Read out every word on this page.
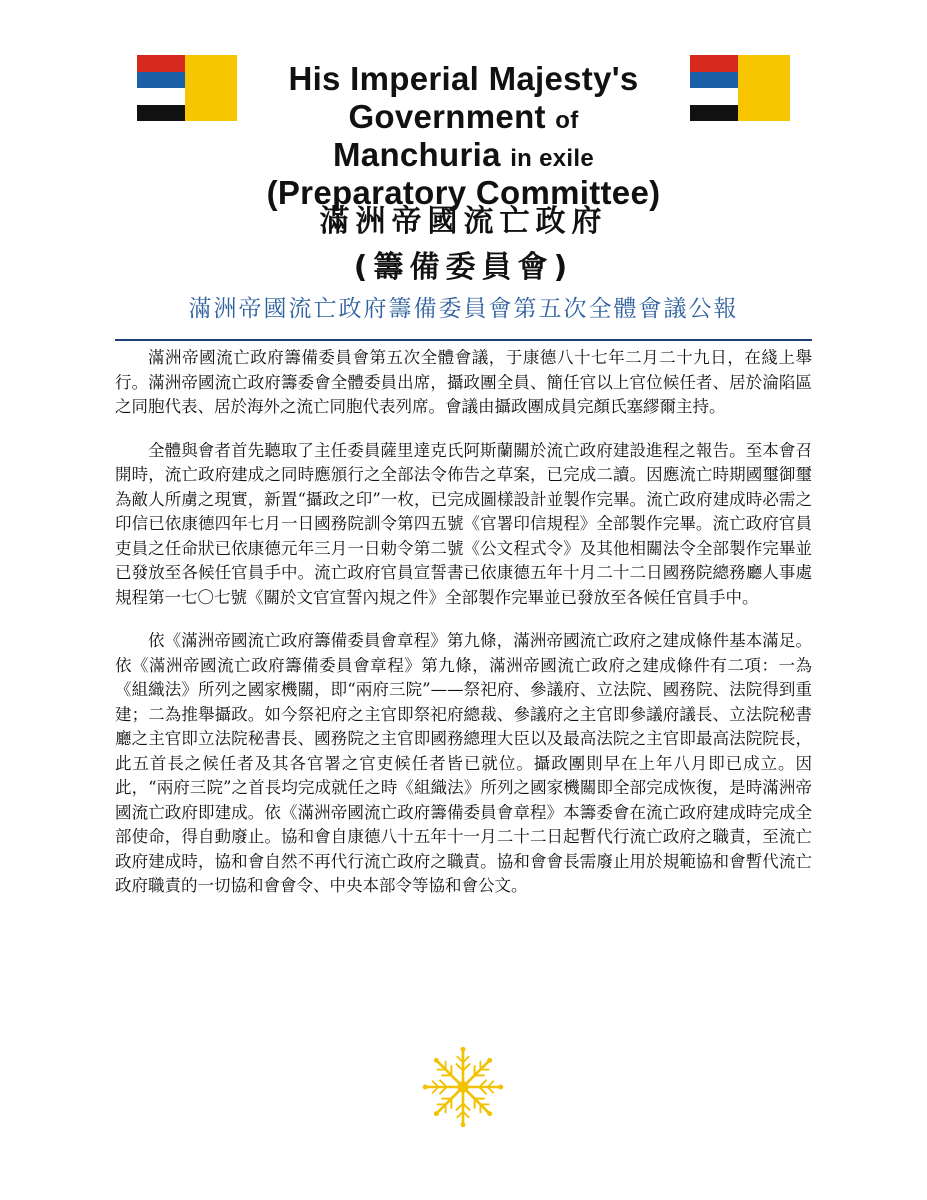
His Imperial Majesty's
Government of
Manchuria in exile
(Preparatory Committee)
滿洲帝國流亡政府
(籌備委員會)
滿洲帝國流亡政府籌備委員會第五次全體會議公報

滿洲帝國流亡政府籌備委員會第五次全體會議，于康德八十七年二月二十九日，在綫上舉行。滿洲帝國流亡政府籌委會全體委員出席，攝政團全員、簡任官以上官位候任者、居於淪陷區之同胞代表、居於海外之流亡同胞代表列席。會議由攝政團成員完顏氏塞繆爾主持。

全體與會者首先聽取了主任委員薩里達克氏阿斯蘭關於流亡政府建設進程之報告。至本會召開時，流亡政府建成之同時應頒行之全部法令佈告之草案，已完成二讀。因應流亡時期國璽御璽為敵人所虜之現實，新置“攝政之印”一枚，已完成圖樣設計並製作完畢。流亡政府建成時必需之印信已依康德四年七月一日國務院訓令第四五號《官署印信規程》全部製作完畢。流亡政府官員吏員之任命狀已依康德元年三月一日勅令第二號《公文程式令》及其他相關法令全部製作完畢並已發放至各候任官員手中。流亡政府官員宣誓書已依康德五年十月二十二日國務院總務廳人事處規程第一七〇七號《關於文官宣誓內規之件》全部製作完畢並已發放至各候任官員手中。

依《滿洲帝國流亡政府籌備委員會章程》第九條，滿洲帝國流亡政府之建成條件基本滿足。依《滿洲帝國流亡政府籌備委員會章程》第九條，滿洲帝國流亡政府之建成條件有二項：一為《組織法》所列之國家機關，即“兩府三院”——祭祀府、參議府、立法院、國務院、法院得到重建；二為推舉攝政。如今祭祀府之主官即祭祀府總裁、參議府之主官即參議府議長、立法院秘書廳之主官即立法院秘書長、國務院之主官即國務總理大臣以及最高法院之主官即最高法院院長，此五首長之候任者及其各官署之官吏候任者皆已就位。攝政團則早在上年八月即已成立。因此，“兩府三院”之首長均完成就任之時《組織法》所列之國家機關即全部完成恢復，是時滿洲帝國流亡政府即建成。依《滿洲帝國流亡政府籌備委員會章程》本籌委會在流亡政府建成時完成全部使命，得自動廢止。協和會自康德八十五年十一月二十二日起暫代行流亡政府之職責，至流亡政府建成時，協和會自然不再代行流亡政府之職責。協和會會長需廢止用於規範協和會暫代流亡政府職責的一切協和會會令、中央本部令等協和會公文。
